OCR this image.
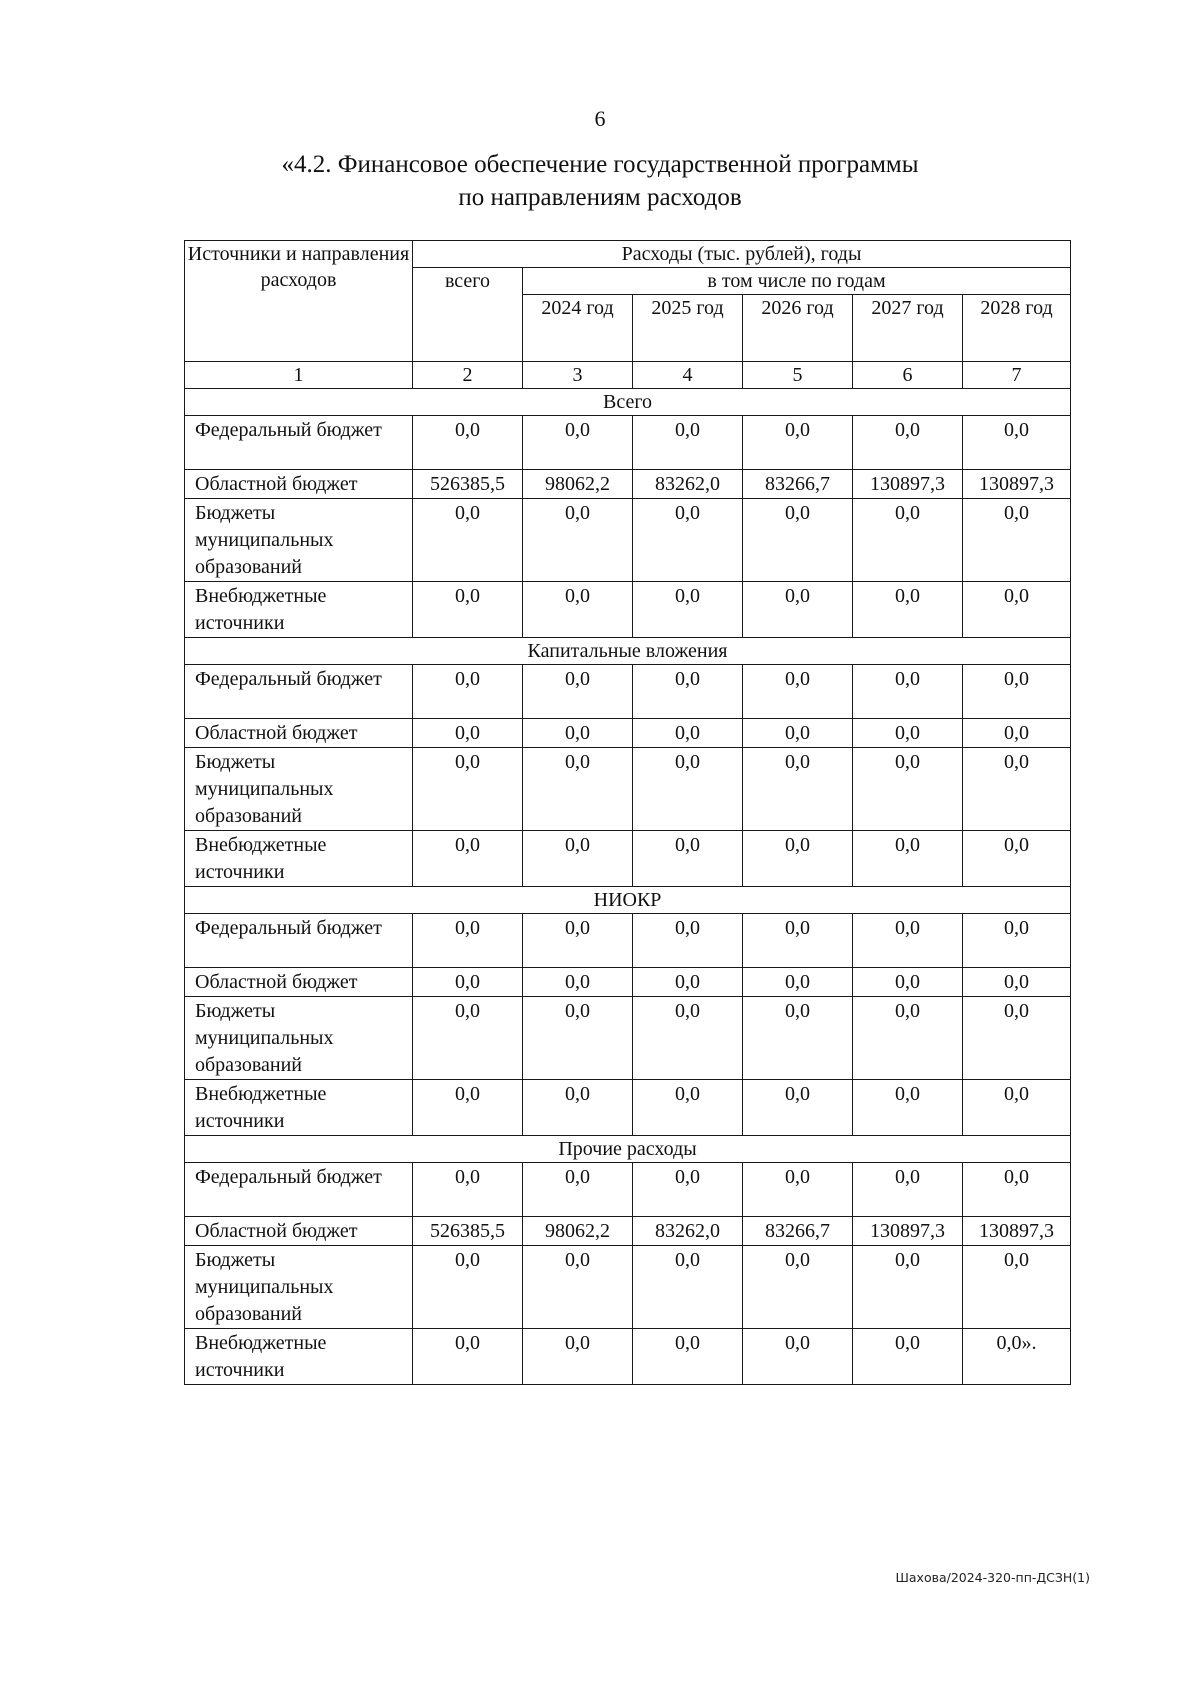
6
«4.2. Финансовое обеспечение государственной программы
по направлениям расходов
Источники и направления расходов	Расходы (тыс. рублей), годы					
	всего	в том числе по годам				
		2024 год	2025 год	2026 год	2027 год	2028 год
1	2	3	4	5	6	7
Всего						
Федеральный бюджет	0,0	0,0	0,0	0,0	0,0	0,0
Областной бюджет	526385,5	98062,2	83262,0	83266,7	130897,3	130897,3
Бюджеты муниципальных образований	0,0	0,0	0,0	0,0	0,0	0,0
Внебюджетные источники	0,0	0,0	0,0	0,0	0,0	0,0
Капитальные вложения						
Федеральный бюджет	0,0	0,0	0,0	0,0	0,0	0,0
Областной бюджет	0,0	0,0	0,0	0,0	0,0	0,0
Бюджеты муниципальных образований	0,0	0,0	0,0	0,0	0,0	0,0
Внебюджетные источники	0,0	0,0	0,0	0,0	0,0	0,0
НИОКР						
Федеральный бюджет	0,0	0,0	0,0	0,0	0,0	0,0
Областной бюджет	0,0	0,0	0,0	0,0	0,0	0,0
Бюджеты муниципальных образований	0,0	0,0	0,0	0,0	0,0	0,0
Внебюджетные источники	0,0	0,0	0,0	0,0	0,0	0,0
Прочие расходы						
Федеральный бюджет	0,0	0,0	0,0	0,0	0,0	0,0
Областной бюджет	526385,5	98062,2	83262,0	83266,7	130897,3	130897,3
Бюджеты муниципальных образований	0,0	0,0	0,0	0,0	0,0	0,0
Внебюджетные источники	0,0	0,0	0,0	0,0	0,0	0,0».
Шахова/2024-320-пп-ДСЗН(1)
